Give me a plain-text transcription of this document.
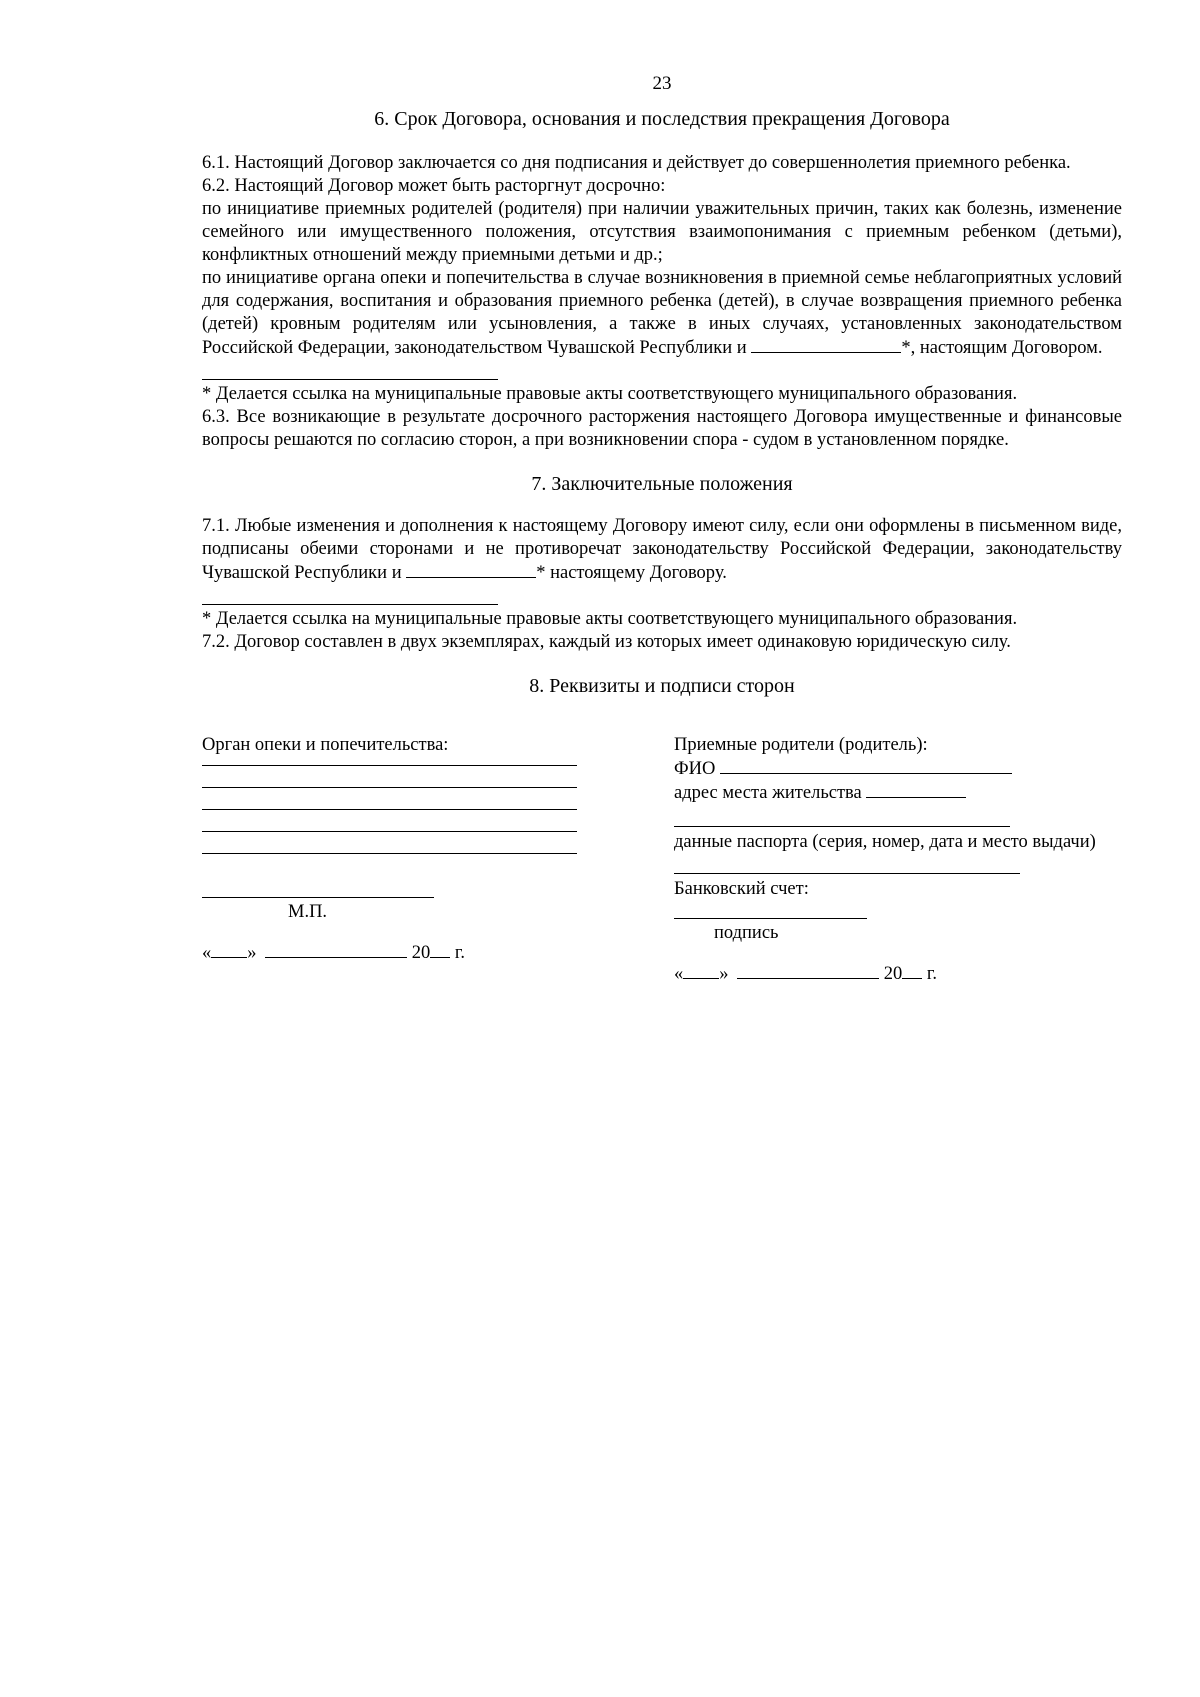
23
6. Срок Договора, основания и последствия прекращения Договора

6.1. Настоящий Договор заключается со дня подписания и действует до совершеннолетия приемного ребенка.

6.2. Настоящий Договор может быть расторгнут досрочно:

по инициативе приемных родителей (родителя) при наличии уважительных причин, таких как болезнь, изменение семейного или имущественного положения, отсутствия взаимопонимания с приемным ребенком (детьми), конфликтных отношений между приемными детьми и др.;

по инициативе органа опеки и попечительства в случае возникновения в приемной семье неблагоприятных условий для содержания, воспитания и образования приемного ребенка (детей), в случае возвращения приемного ребенка (детей) кровным родителям или усыновления, а также в иных случаях, установленных законодательством Российской Федерации, законодательством Чувашской Республики и	*, настоящим Договором.

* Делается ссылка на муниципальные правовые акты соответствующего муниципального образования.

6.3. Все возникающие в результате досрочного расторжения настоящего Договора имущественные и финансовые вопросы решаются по согласию сторон, а при возникновении спора - судом в установленном порядке.

7. Заключительные положения

7.1. Любые изменения и дополнения к настоящему Договору имеют силу, если они оформлены в письменном виде, подписаны обеими сторонами и не противоречат законодательству Российской Федерации, законодательству Чувашской Республики и	* настоящему Договору.

* Делается ссылка на муниципальные правовые акты соответствующего муниципального образования.

7.2. Договор составлен в двух экземплярах, каждый из которых имеет одинаковую юридическую силу.

8. Реквизиты и подписи сторон
Орган опеки и попечительства:
М.П.
« »	20 г.
Приемные родители (родитель):
ФИО
адрес места жительства
данные паспорта (серия, номер, дата и место выдачи)
Банковский счет:
подпись
« »	20 г.
